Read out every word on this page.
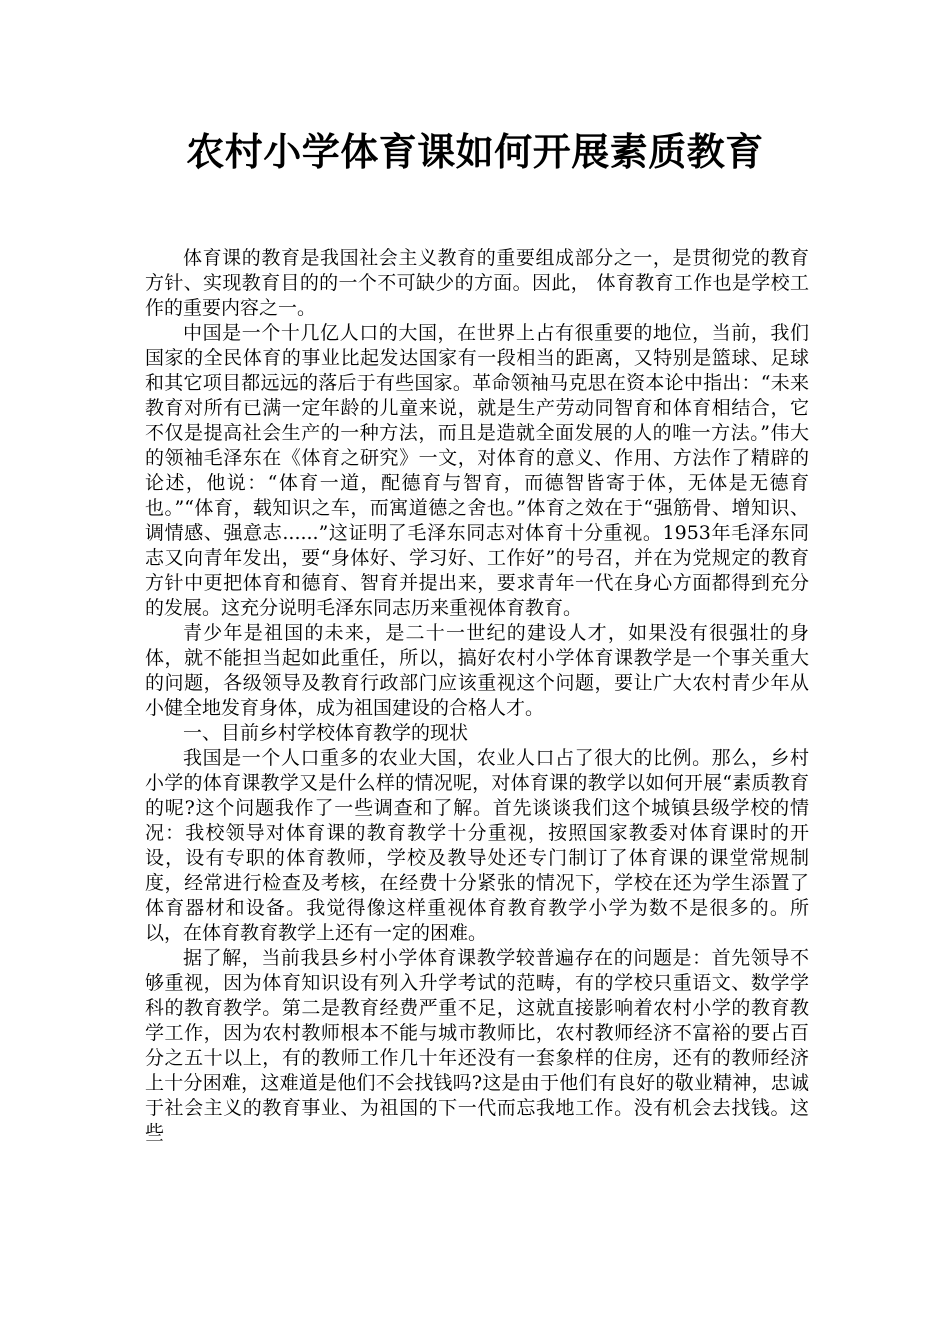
农村小学体育课如何开展素质教育

体育课的教育是我国社会主义教育的重要组成部分之一，是贯彻党的教育方针、实现教育目的的一个不可缺少的方面。因此， 体育教育工作也是学校工作的重要内容之一。

中国是一个十几亿人口的大国，在世界上占有很重要的地位，当前，我们国家的全民体育的事业比起发达国家有一段相当的距离，又特别是篮球、足球和其它项目都远远的落后于有些国家。革命领袖马克思在资本论中指出：“未来教育对所有已满一定年龄的儿童来说，就是生产劳动同智育和体育相结合，它不仅是提高社会生产的一种方法，而且是造就全面发展的人的唯一方法。”伟大的领袖毛泽东在《体育之研究》一文，对体育的意义、作用、方法作了精辟的论述，他说：“体育一道，配德育与智育，而德智皆寄于体，无体是无德育也。”“体育，载知识之车，而寓道德之舍也。”体育之效在于“强筋骨、增知识、调情感、强意志......”这证明了毛泽东同志对体育十分重视。1953年毛泽东同志又向青年发出，要“身体好、学习好、工作好”的号召，并在为党规定的教育方针中更把体育和德育、智育并提出来，要求青年一代在身心方面都得到充分的发展。这充分说明毛泽东同志历来重视体育教育。

青少年是祖国的未来，是二十一世纪的建设人才，如果没有很强壮的身体，就不能担当起如此重任，所以，搞好农村小学体育课教学是一个事关重大的问题，各级领导及教育行政部门应该重视这个问题，要让广大农村青少年从小健全地发育身体，成为祖国建设的合格人才。

一、目前乡村学校体育教学的现状

我国是一个人口重多的农业大国，农业人口占了很大的比例。那么，乡村小学的体育课教学又是什么样的情况呢，对体育课的教学以如何开展“素质教育的呢?这个问题我作了一些调查和了解。首先谈谈我们这个城镇县级学校的情况：我校领导对体育课的教育教学十分重视，按照国家教委对体育课时的开设，设有专职的体育教师，学校及教导处还专门制订了体育课的课堂常规制度，经常进行检查及考核，在经费十分紧张的情况下，学校在还为学生添置了体育器材和设备。我觉得像这样重视体育教育教学小学为数不是很多的。所以，在体育教育教学上还有一定的困难。

据了解，当前我县乡村小学体育课教学较普遍存在的问题是：首先领导不够重视，因为体育知识设有列入升学考试的范畴，有的学校只重语文、数学学科的教育教学。第二是教育经费严重不足，这就直接影响着农村小学的教育教学工作，因为农村教师根本不能与城市教师比，农村教师经济不富裕的要占百分之五十以上，有的教师工作几十年还没有一套象样的住房，还有的教师经济上十分困难，这难道是他们不会找钱吗?这是由于他们有良好的敬业精神，忠诚于社会主义的教育事业、为祖国的下一代而忘我地工作。没有机会去找钱。这些
